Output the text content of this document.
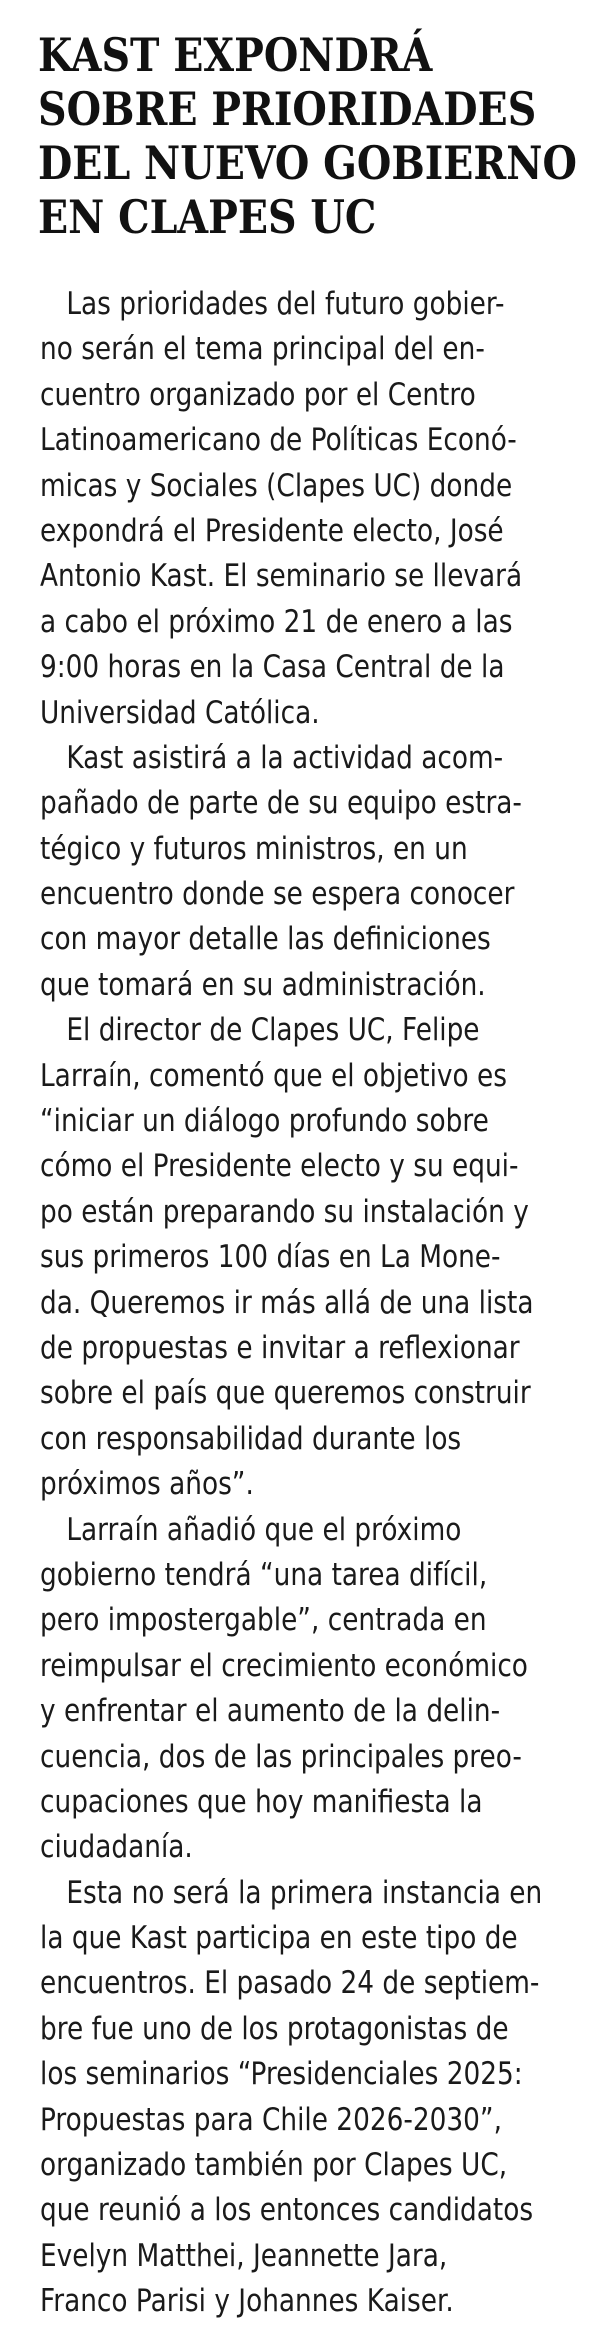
KAST EXPONDRÁ
SOBRE PRIORIDADES
DEL NUEVO GOBIERNO
EN CLAPES UC
Las prioridades del futuro gobier-
no serán el tema principal del en-
cuentro organizado por el Centro
Latinoamericano de Políticas Econó-
micas y Sociales (Clapes UC) donde
expondrá el Presidente electo, José
Antonio Kast. El seminario se llevará
a cabo el próximo 21 de enero a las
9:00 horas en la Casa Central de la
Universidad Católica.
Kast asistirá a la actividad acom-
pañado de parte de su equipo estra-
tégico y futuros ministros, en un
encuentro donde se espera conocer
con mayor detalle las definiciones
que tomará en su administración.
El director de Clapes UC, Felipe
Larraín, comentó que el objetivo es
“iniciar un diálogo profundo sobre
cómo el Presidente electo y su equi-
po están preparando su instalación y
sus primeros 100 días en La Mone-
da. Queremos ir más allá de una lista
de propuestas e invitar a reflexionar
sobre el país que queremos construir
con responsabilidad durante los
próximos años”.
Larraín añadió que el próximo
gobierno tendrá “una tarea difícil,
pero impostergable”, centrada en
reimpulsar el crecimiento económico
y enfrentar el aumento de la delin-
cuencia, dos de las principales preo-
cupaciones que hoy manifiesta la
ciudadanía.
Esta no será la primera instancia en
la que Kast participa en este tipo de
encuentros. El pasado 24 de septiem-
bre fue uno de los protagonistas de
los seminarios “Presidenciales 2025:
Propuestas para Chile 2026-2030”,
organizado también por Clapes UC,
que reunió a los entonces candidatos
Evelyn Matthei, Jeannette Jara,
Franco Parisi y Johannes Kaiser.
